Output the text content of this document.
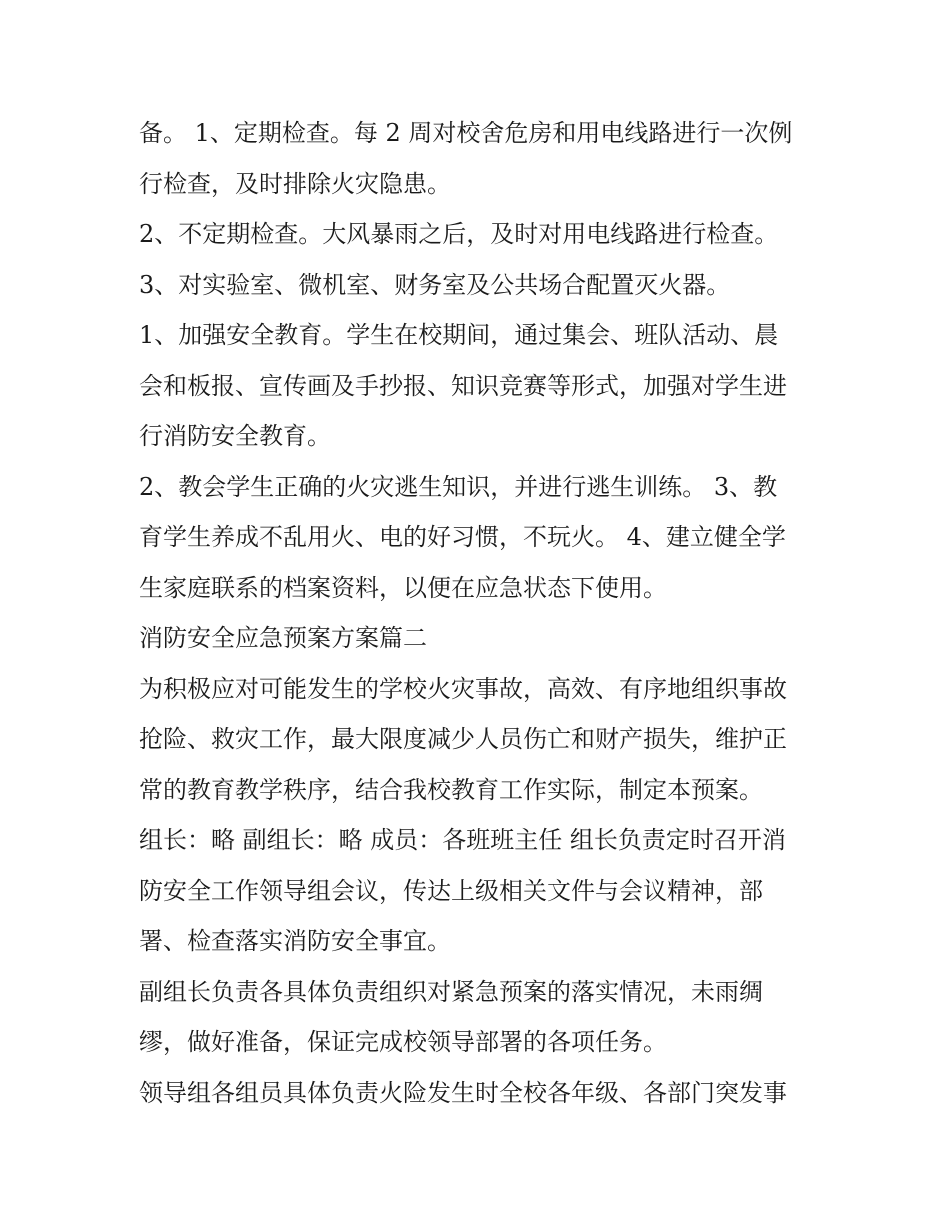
备。 1、定期检查。每 2 周对校舍危房和用电线路进行一次例
行检查，及时排除火灾隐患。
2、不定期检查。大风暴雨之后，及时对用电线路进行检查。
3、对实验室、微机室、财务室及公共场合配置灭火器。
1、加强安全教育。学生在校期间，通过集会、班队活动、晨
会和板报、宣传画及手抄报、知识竞赛等形式，加强对学生进
行消防安全教育。
2、教会学生正确的火灾逃生知识，并进行逃生训练。 3、教
育学生养成不乱用火、电的好习惯，不玩火。 4、建立健全学
生家庭联系的档案资料，以便在应急状态下使用。
消防安全应急预案方案篇二
为积极应对可能发生的学校火灾事故，高效、有序地组织事故
抢险、救灾工作，最大限度减少人员伤亡和财产损失，维护正
常的教育教学秩序，结合我校教育工作实际，制定本预案。
组长：略 副组长：略 成员：各班班主任 组长负责定时召开消
防安全工作领导组会议，传达上级相关文件与会议精神，部
署、检查落实消防安全事宜。
副组长负责各具体负责组织对紧急预案的落实情况，未雨绸
缪，做好准备，保证完成校领导部署的各项任务。
领导组各组员具体负责火险发生时全校各年级、各部门突发事
